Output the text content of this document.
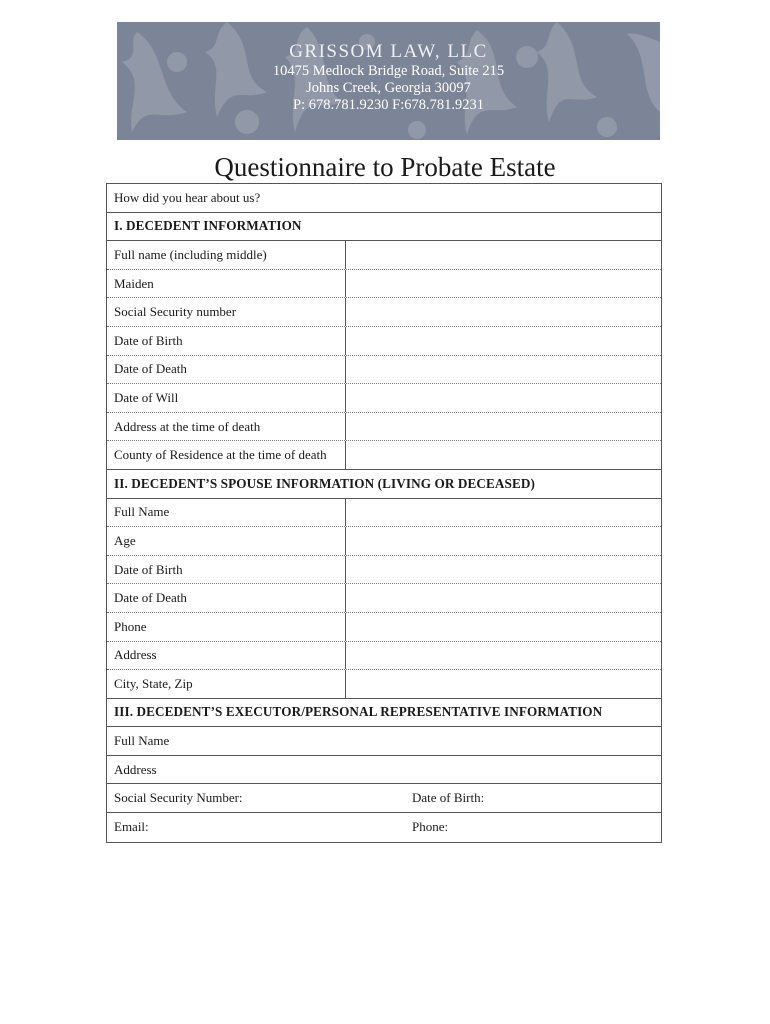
GRISSOM LAW, LLC
10475 Medlock Bridge Road, Suite 215
Johns Creek, Georgia 30097
P: 678.781.9230 F:678.781.9231
Questionnaire to Probate Estate
How did you hear about us?
I. DECEDENT INFORMATION
Full name (including middle)
Maiden
Social Security number
Date of Birth
Date of Death
Date of Will
Address at the time of death
County of Residence at the time of death
II. DECEDENT’S SPOUSE INFORMATION (LIVING OR DECEASED)
Full Name
Age
Date of Birth
Date of Death
Phone
Address
City, State, Zip
III. DECEDENT’S EXECUTOR/PERSONAL REPRESENTATIVE INFORMATION
Full Name
Address
Social Security Number:	Date of Birth:
Email:	Phone:
